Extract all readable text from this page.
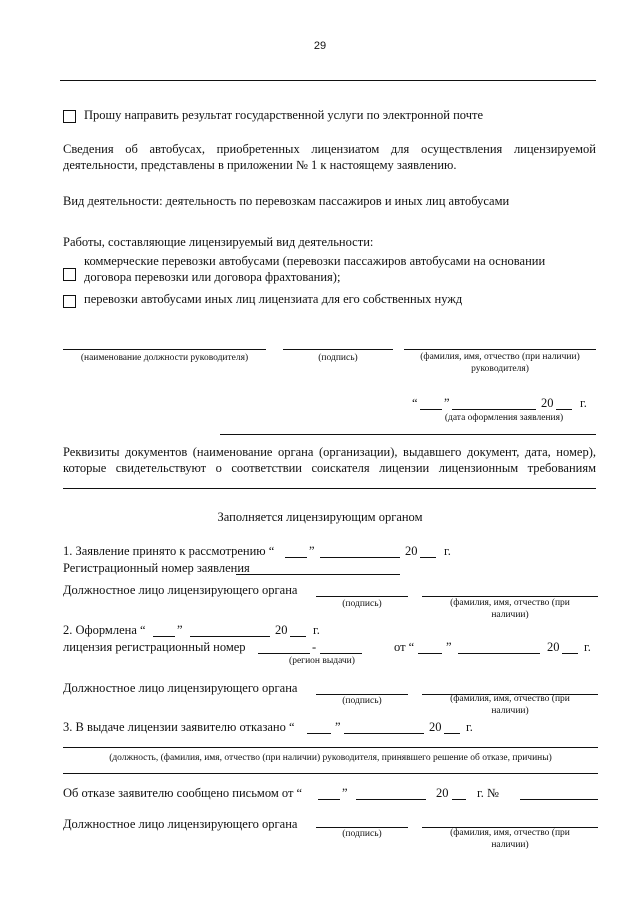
29
Прошу направить результат государственной услуги по электронной почте
Сведения об автобусах, приобретенных лицензиатом для осуществления лицензируемой
деятельности, представлены в приложении № 1 к настоящему заявлению.
Вид деятельности: деятельность по перевозкам пассажиров и иных лиц автобусами
Работы, составляющие лицензируемый вид деятельности:
коммерческие перевозки автобусами (перевозки пассажиров автобусами на основании
договора перевозки или договора фрахтования);
перевозки автобусами иных лиц лицензиата для его собственных нужд
(наименование должности руководителя)	(подпись)	(фамилия, имя, отчество (при наличии)
руководителя)
“ ”	20 г.
(дата оформления заявления)
Реквизиты документов (наименование органа (организации), выдавшего документ, дата, номер),
которые свидетельствуют о соответствии соискателя лицензии лицензионным требованиям
Заполняется лицензирующим органом
1. Заявление принято к рассмотрению “	”	20 г.
Регистрационный номер заявления
Должностное лицо лицензирующего органа
(подпись)	(фамилия, имя, отчество (при
наличии)
2. Оформлена “	”	20 г.
лицензия регистрационный номер	-
(регион выдачи)
от “	”	20 г.
Должностное лицо лицензирующего органа
(подпись)	(фамилия, имя, отчество (при
наличии)
3. В выдаче лицензии заявителю отказано “	”	20 г.
(должность, (фамилия, имя, отчество (при наличии) руководителя, принявшего решение об отказе, причины)
Об отказе заявителю сообщено письмом от “	”	20 г. №
Должностное лицо лицензирующего органа
(подпись)	(фамилия, имя, отчество (при
наличии)
